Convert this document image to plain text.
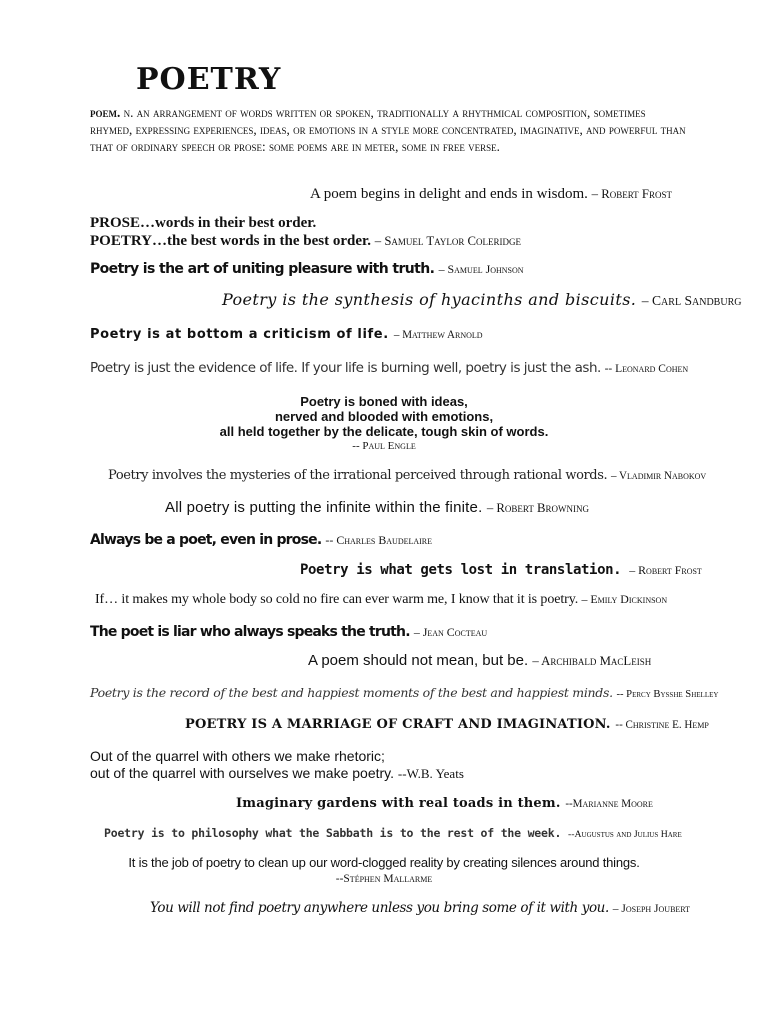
POETRY

poem. n. an arrangement of words written or spoken, traditionally a rhythmical composition, sometimes rhymed, expressing experiences, ideas, or emotions in a style more concentrated, imaginative, and powerful than that of ordinary speech or prose: some poems are in meter, some in free verse.

A poem begins in delight and ends in wisdom. – Robert Frost

PROSE…words in their best order.
POETRY…the best words in the best order. – Samuel Taylor Coleridge

Poetry is the art of uniting pleasure with truth. – Samuel Johnson

Poetry is the synthesis of hyacinths and biscuits. – Carl Sandburg

Poetry is at bottom a criticism of life. – Matthew Arnold

Poetry is just the evidence of life. If your life is burning well, poetry is just the ash. -- Leonard Cohen

Poetry is boned with ideas,
nerved and blooded with emotions,
all held together by the delicate, tough skin of words.
-- Paul Engle

Poetry involves the mysteries of the irrational perceived through rational words. – Vladimir Nabokov

All poetry is putting the infinite within the finite. – Robert Browning

Always be a poet, even in prose. -- Charles Baudelaire

Poetry is what gets lost in translation. – Robert Frost

If… it makes my whole body so cold no fire can ever warm me, I know that it is poetry. – Emily Dickinson

The poet is liar who always speaks the truth. – Jean Cocteau

A poem should not mean, but be. – Archibald MacLeish

Poetry is the record of the best and happiest moments of the best and happiest minds. -- Percy Bysshe Shelley

POETRY IS A MARRIAGE OF CRAFT AND IMAGINATION. -- Christine E. Hemp

Out of the quarrel with others we make rhetoric;
out of the quarrel with ourselves we make poetry. --W.B. Yeats

Imaginary gardens with real toads in them. --Marianne Moore

Poetry is to philosophy what the Sabbath is to the rest of the week. --Augustus and Julius Hare

It is the job of poetry to clean up our word-clogged reality by creating silences around things.
--Stéphen Mallarme

You will not find poetry anywhere unless you bring some of it with you. – Joseph Joubert
